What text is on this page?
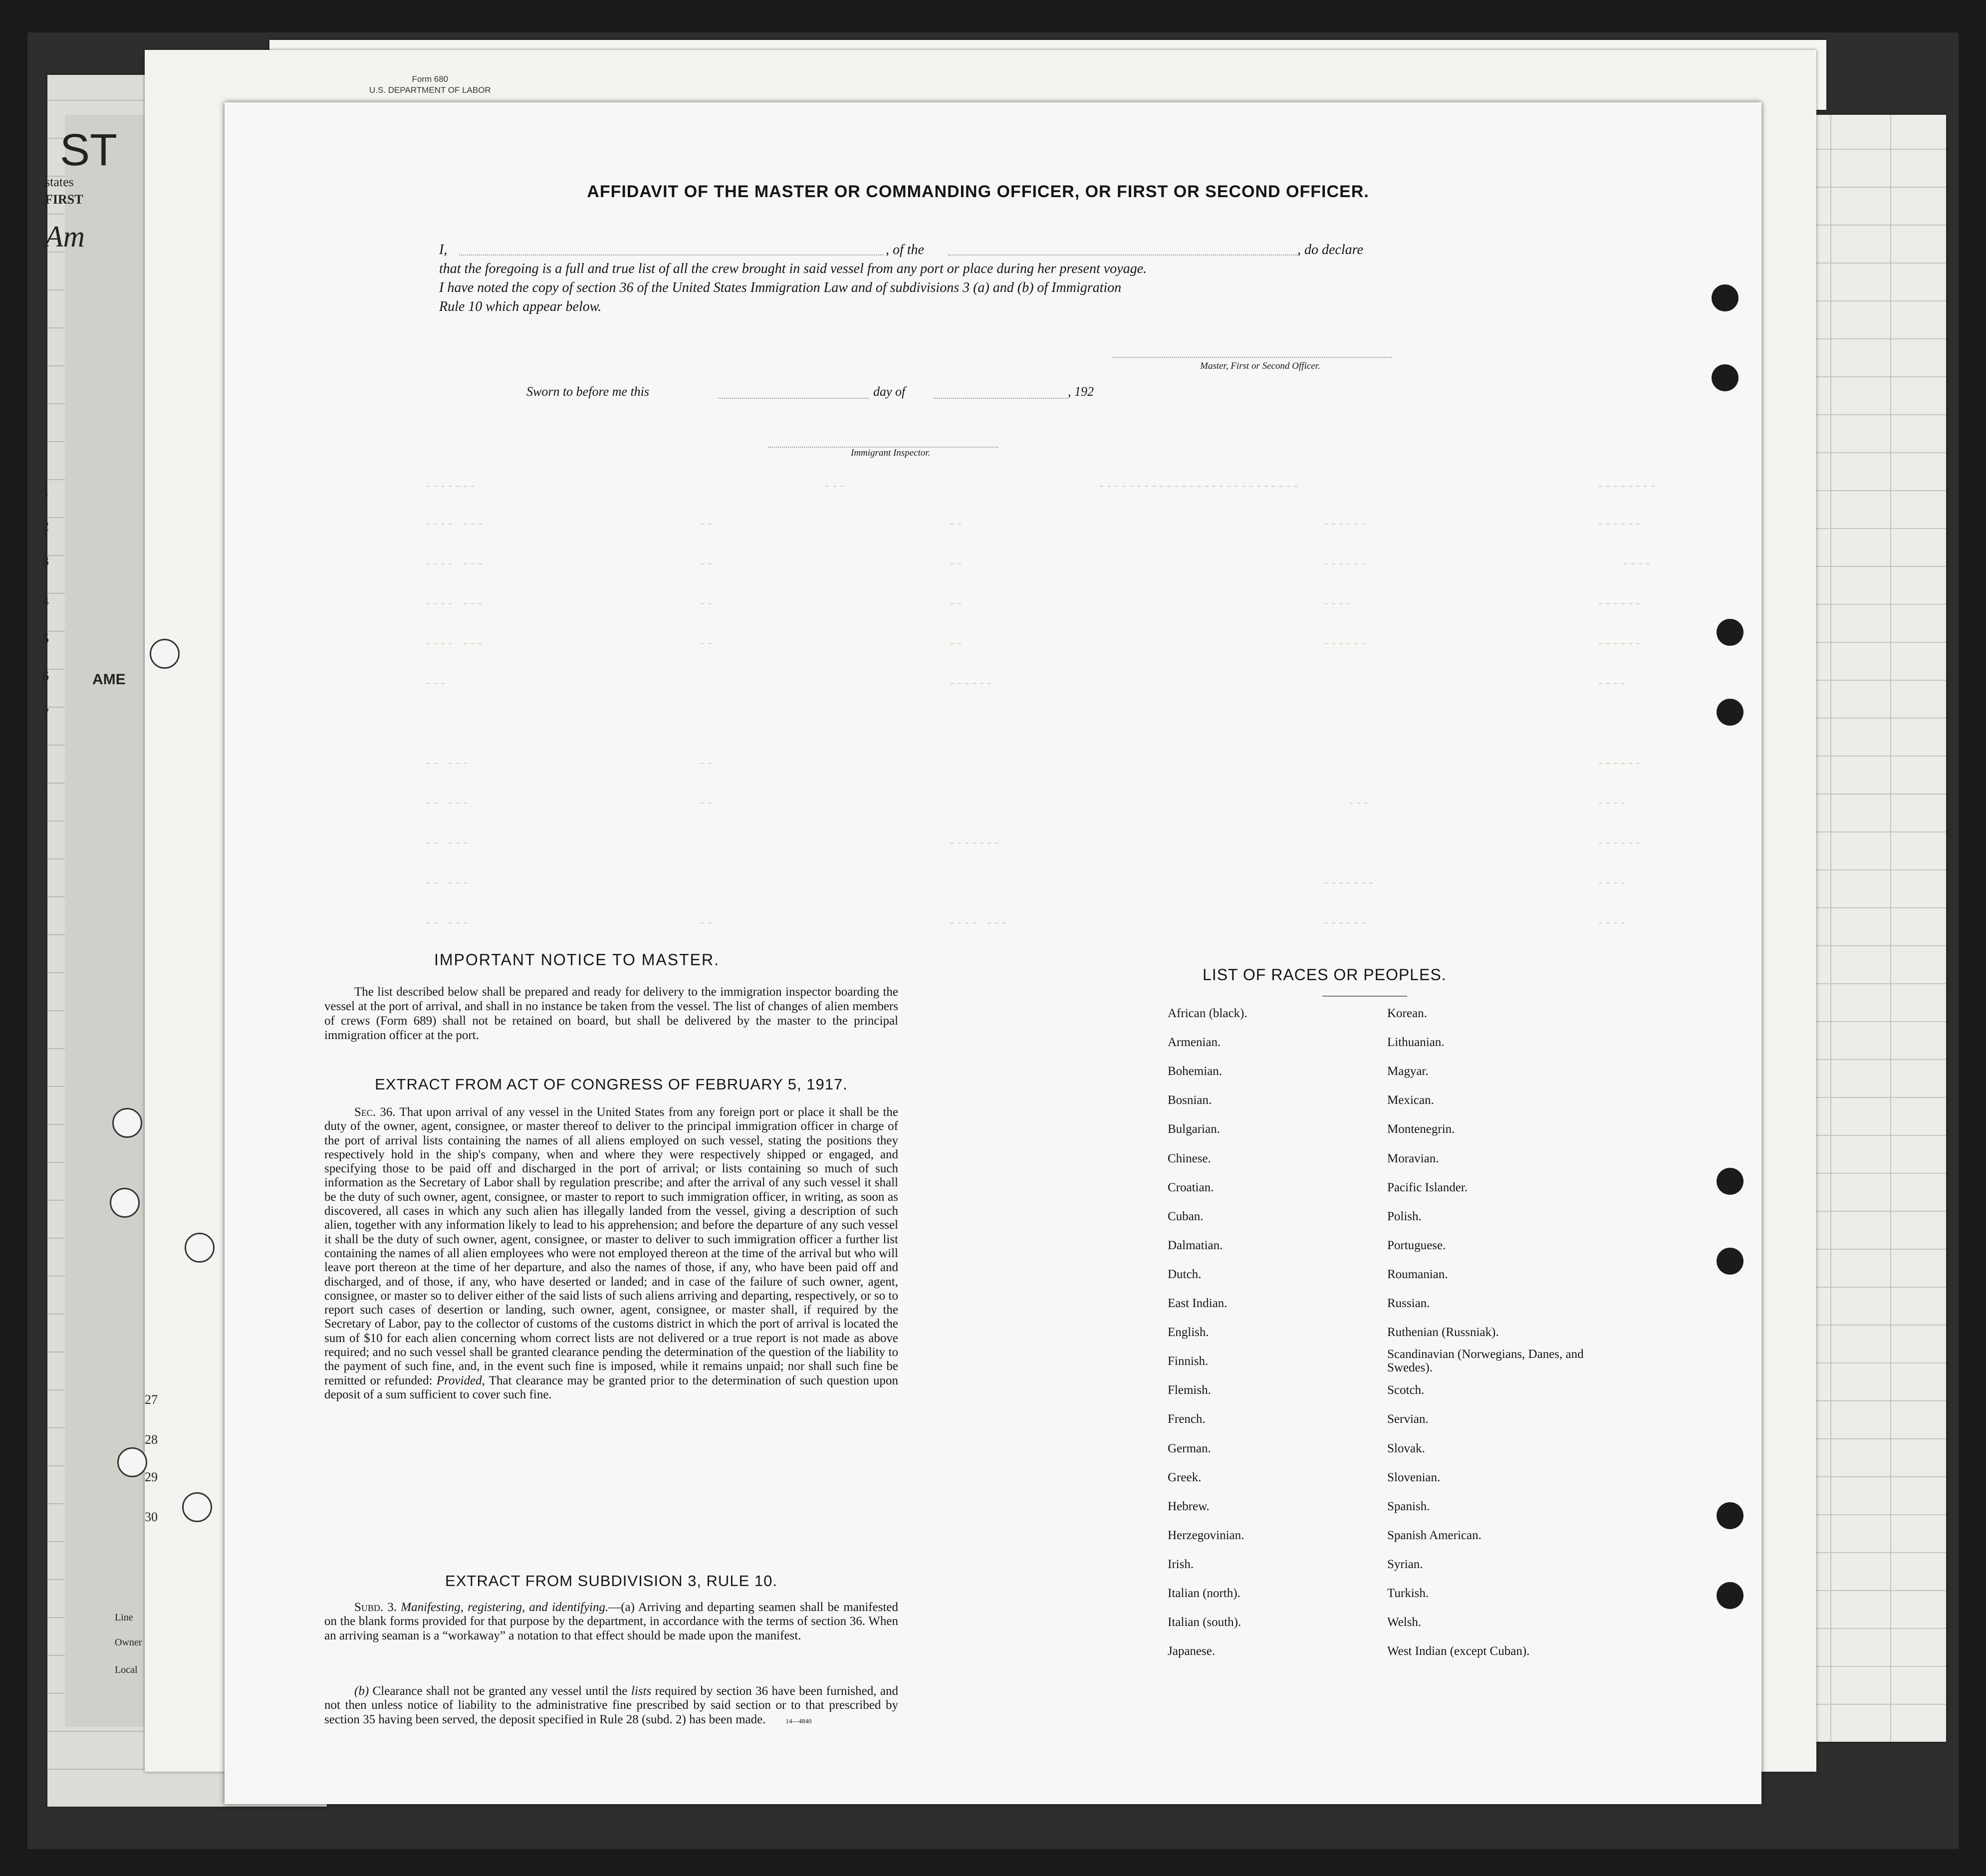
Form 680
U.S. DEPARTMENT OF LABOR
ST
states
FIRST
Am
AME
1
2
3
4
5
6
7
27
28
29
30
Line
Owner
Local
-------	---	---------------------------	--------
---- ---	--	--	------	------
---- ---	--	--	------	----
---- ---	--	--	----	------
---- ---	--	--	------	------
---	------	----
-- ---	--	------
-- ---	--	---	----
-- ---	-------	------
-- ---	-------	----
-- ---	--	---- ---	------	----
AFFIDAVIT OF THE MASTER OR COMMANDING OFFICER, OR FIRST OR SECOND OFFICER.
I,	, of the	, do declare
that the foregoing is a full and true list of all the crew brought in said vessel from any port or place during her present voyage.
I have noted the copy of section 36 of the United States Immigration Law and of subdivisions 3 (a) and (b) of Immigration
Rule 10 which appear below.
Master, First or Second Officer.
Sworn to before me this	day of	, 192
Immigrant Inspector.
IMPORTANT NOTICE TO MASTER.
The list described below shall be prepared and ready for delivery to the immigration inspector boarding the vessel at the port of arrival, and shall in no instance be taken from the vessel. The list of changes of alien members of crews (Form 689) shall not be retained on board, but shall be delivered by the master to the principal immigration officer at the port.
EXTRACT FROM ACT OF CONGRESS OF FEBRUARY 5, 1917.
Sec. 36. That upon arrival of any vessel in the United States from any foreign port or place it shall be the duty of the owner, agent, consignee, or master thereof to deliver to the principal immigration officer in charge of the port of arrival lists containing the names of all aliens employed on such vessel, stating the positions they respectively hold in the ship's company, when and where they were respectively shipped or engaged, and specifying those to be paid off and discharged in the port of arrival; or lists containing so much of such information as the Secretary of Labor shall by regulation prescribe; and after the arrival of any such vessel it shall be the duty of such owner, agent, consignee, or master to report to such immigration officer, in writing, as soon as discovered, all cases in which any such alien has illegally landed from the vessel, giving a description of such alien, together with any information likely to lead to his apprehension; and before the departure of any such vessel it shall be the duty of such owner, agent, consignee, or master to deliver to such immigration officer a further list containing the names of all alien employees who were not employed thereon at the time of the arrival but who will leave port thereon at the time of her departure, and also the names of those, if any, who have been paid off and discharged, and of those, if any, who have deserted or landed; and in case of the failure of such owner, agent, consignee, or master so to deliver either of the said lists of such aliens arriving and departing, respectively, or so to report such cases of desertion or landing, such owner, agent, consignee, or master shall, if required by the Secretary of Labor, pay to the collector of customs of the customs district in which the port of arrival is located the sum of $10 for each alien concerning whom correct lists are not delivered or a true report is not made as above required; and no such vessel shall be granted clearance pending the determination of the question of the liability to the payment of such fine, and, in the event such fine is imposed, while it remains unpaid; nor shall such fine be remitted or refunded: Provided, That clearance may be granted prior to the determination of such question upon deposit of a sum sufficient to cover such fine.
EXTRACT FROM SUBDIVISION 3, RULE 10.
Subd. 3. Manifesting, registering, and identifying.—(a) Arriving and departing seamen shall be manifested on the blank forms provided for that purpose by the department, in accordance with the terms of section 36. When an arriving seaman is a “workaway” a notation to that effect should be made upon the manifest.
(b) Clearance shall not be granted any vessel until the lists required by section 36 have been furnished, and not then unless notice of liability to the administrative fine prescribed by said section or to that prescribed by section 35 having been served, the deposit specified in Rule 28 (subd. 2) has been made.	14—4840
LIST OF RACES OR PEOPLES.
African (black).
Armenian.
Bohemian.
Bosnian.
Bulgarian.
Chinese.
Croatian.
Cuban.
Dalmatian.
Dutch.
East Indian.
English.
Finnish.
Flemish.
French.
German.
Greek.
Hebrew.
Herzegovinian.
Irish.
Italian (north).
Italian (south).
Japanese.
Korean.
Lithuanian.
Magyar.
Mexican.
Montenegrin.
Moravian.
Pacific Islander.
Polish.
Portuguese.
Roumanian.
Russian.
Ruthenian (Russniak).
Scandinavian (Norwegians, Danes, and Swedes).
Scotch.
Servian.
Slovak.
Slovenian.
Spanish.
Spanish American.
Syrian.
Turkish.
Welsh.
West Indian (except Cuban).
